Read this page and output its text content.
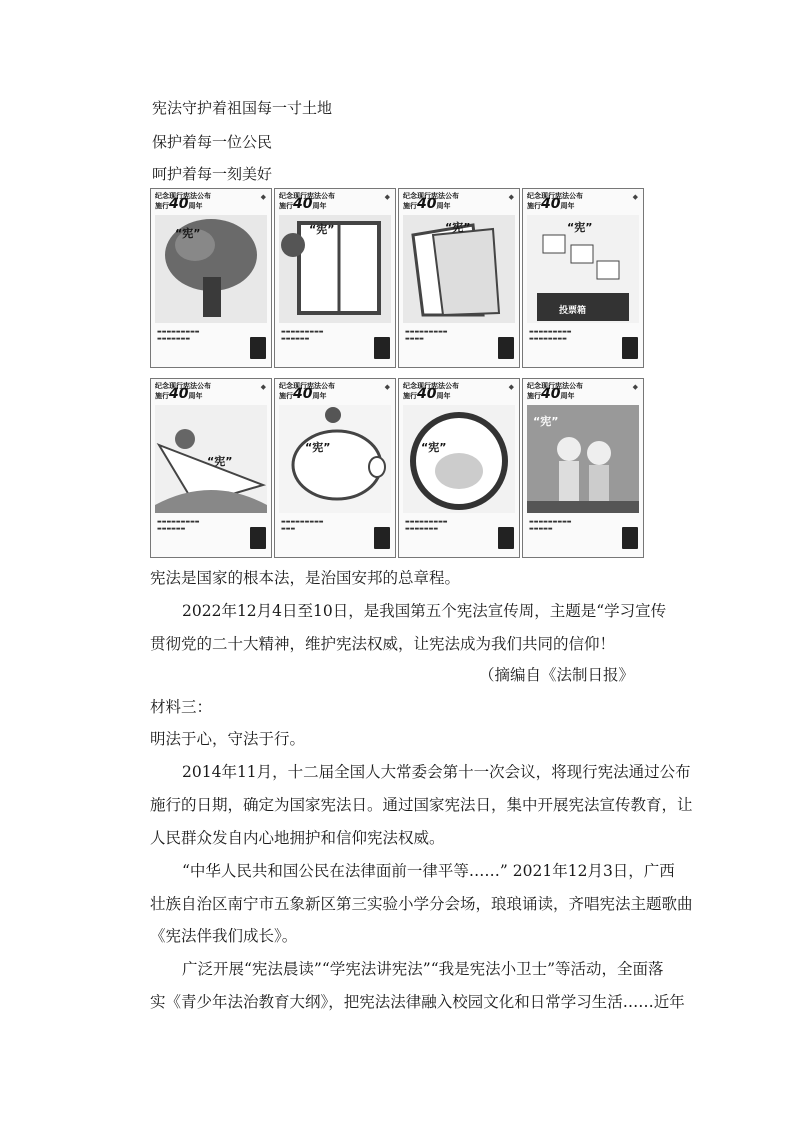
宪法守护着祖国每一寸土地
保护着每一位公民
呵护着每一刻美好
纪念现行宪法公布
施行40周年
◆
“宪”
▬▬▬▬▬▬▬▬▬
▬▬▬▬▬▬▬
纪念现行宪法公布
施行40周年
◆
“宪”
▬▬▬▬▬▬▬▬▬
▬▬▬▬▬▬
纪念现行宪法公布
施行40周年
◆
“宪”
▬▬▬▬▬▬▬▬▬
▬▬▬▬
纪念现行宪法公布
施行40周年
◆
“宪”
投票箱
▬▬▬▬▬▬▬▬▬
▬▬▬▬▬▬▬▬
纪念现行宪法公布
施行40周年
◆
“宪”
▬▬▬▬▬▬▬▬▬
▬▬▬▬▬▬
纪念现行宪法公布
施行40周年
◆
“宪”
▬▬▬▬▬▬▬▬▬
▬▬▬
纪念现行宪法公布
施行40周年
◆
“宪”
▬▬▬▬▬▬▬▬▬
▬▬▬▬▬▬▬
纪念现行宪法公布
施行40周年
◆
“宪”
▬▬▬▬▬▬▬▬▬
▬▬▬▬▬
宪法是国家的根本法，是治国安邦的总章程。
2022年12月4日至10日，是我国第五个宪法宣传周，主题是“学习宣传
贯彻党的二十大精神，维护宪法权威，让宪法成为我们共同的信仰！
（摘编自《法制日报》
材料三：
明法于心，守法于行。
2014年11月，十二届全国人大常委会第十一次会议，将现行宪法通过公布
施行的日期，确定为国家宪法日。通过国家宪法日，集中开展宪法宣传教育，让
人民群众发自内心地拥护和信仰宪法权威。
“中华人民共和国公民在法律面前一律平等……” 2021年12月3日，广西
壮族自治区南宁市五象新区第三实验小学分会场，琅琅诵读，齐唱宪法主题歌曲
《宪法伴我们成长》。
广泛开展“宪法晨读”“学宪法讲宪法”“我是宪法小卫士”等活动，全面落
实《青少年法治教育大纲》，把宪法法律融入校园文化和日常学习生活……近年
